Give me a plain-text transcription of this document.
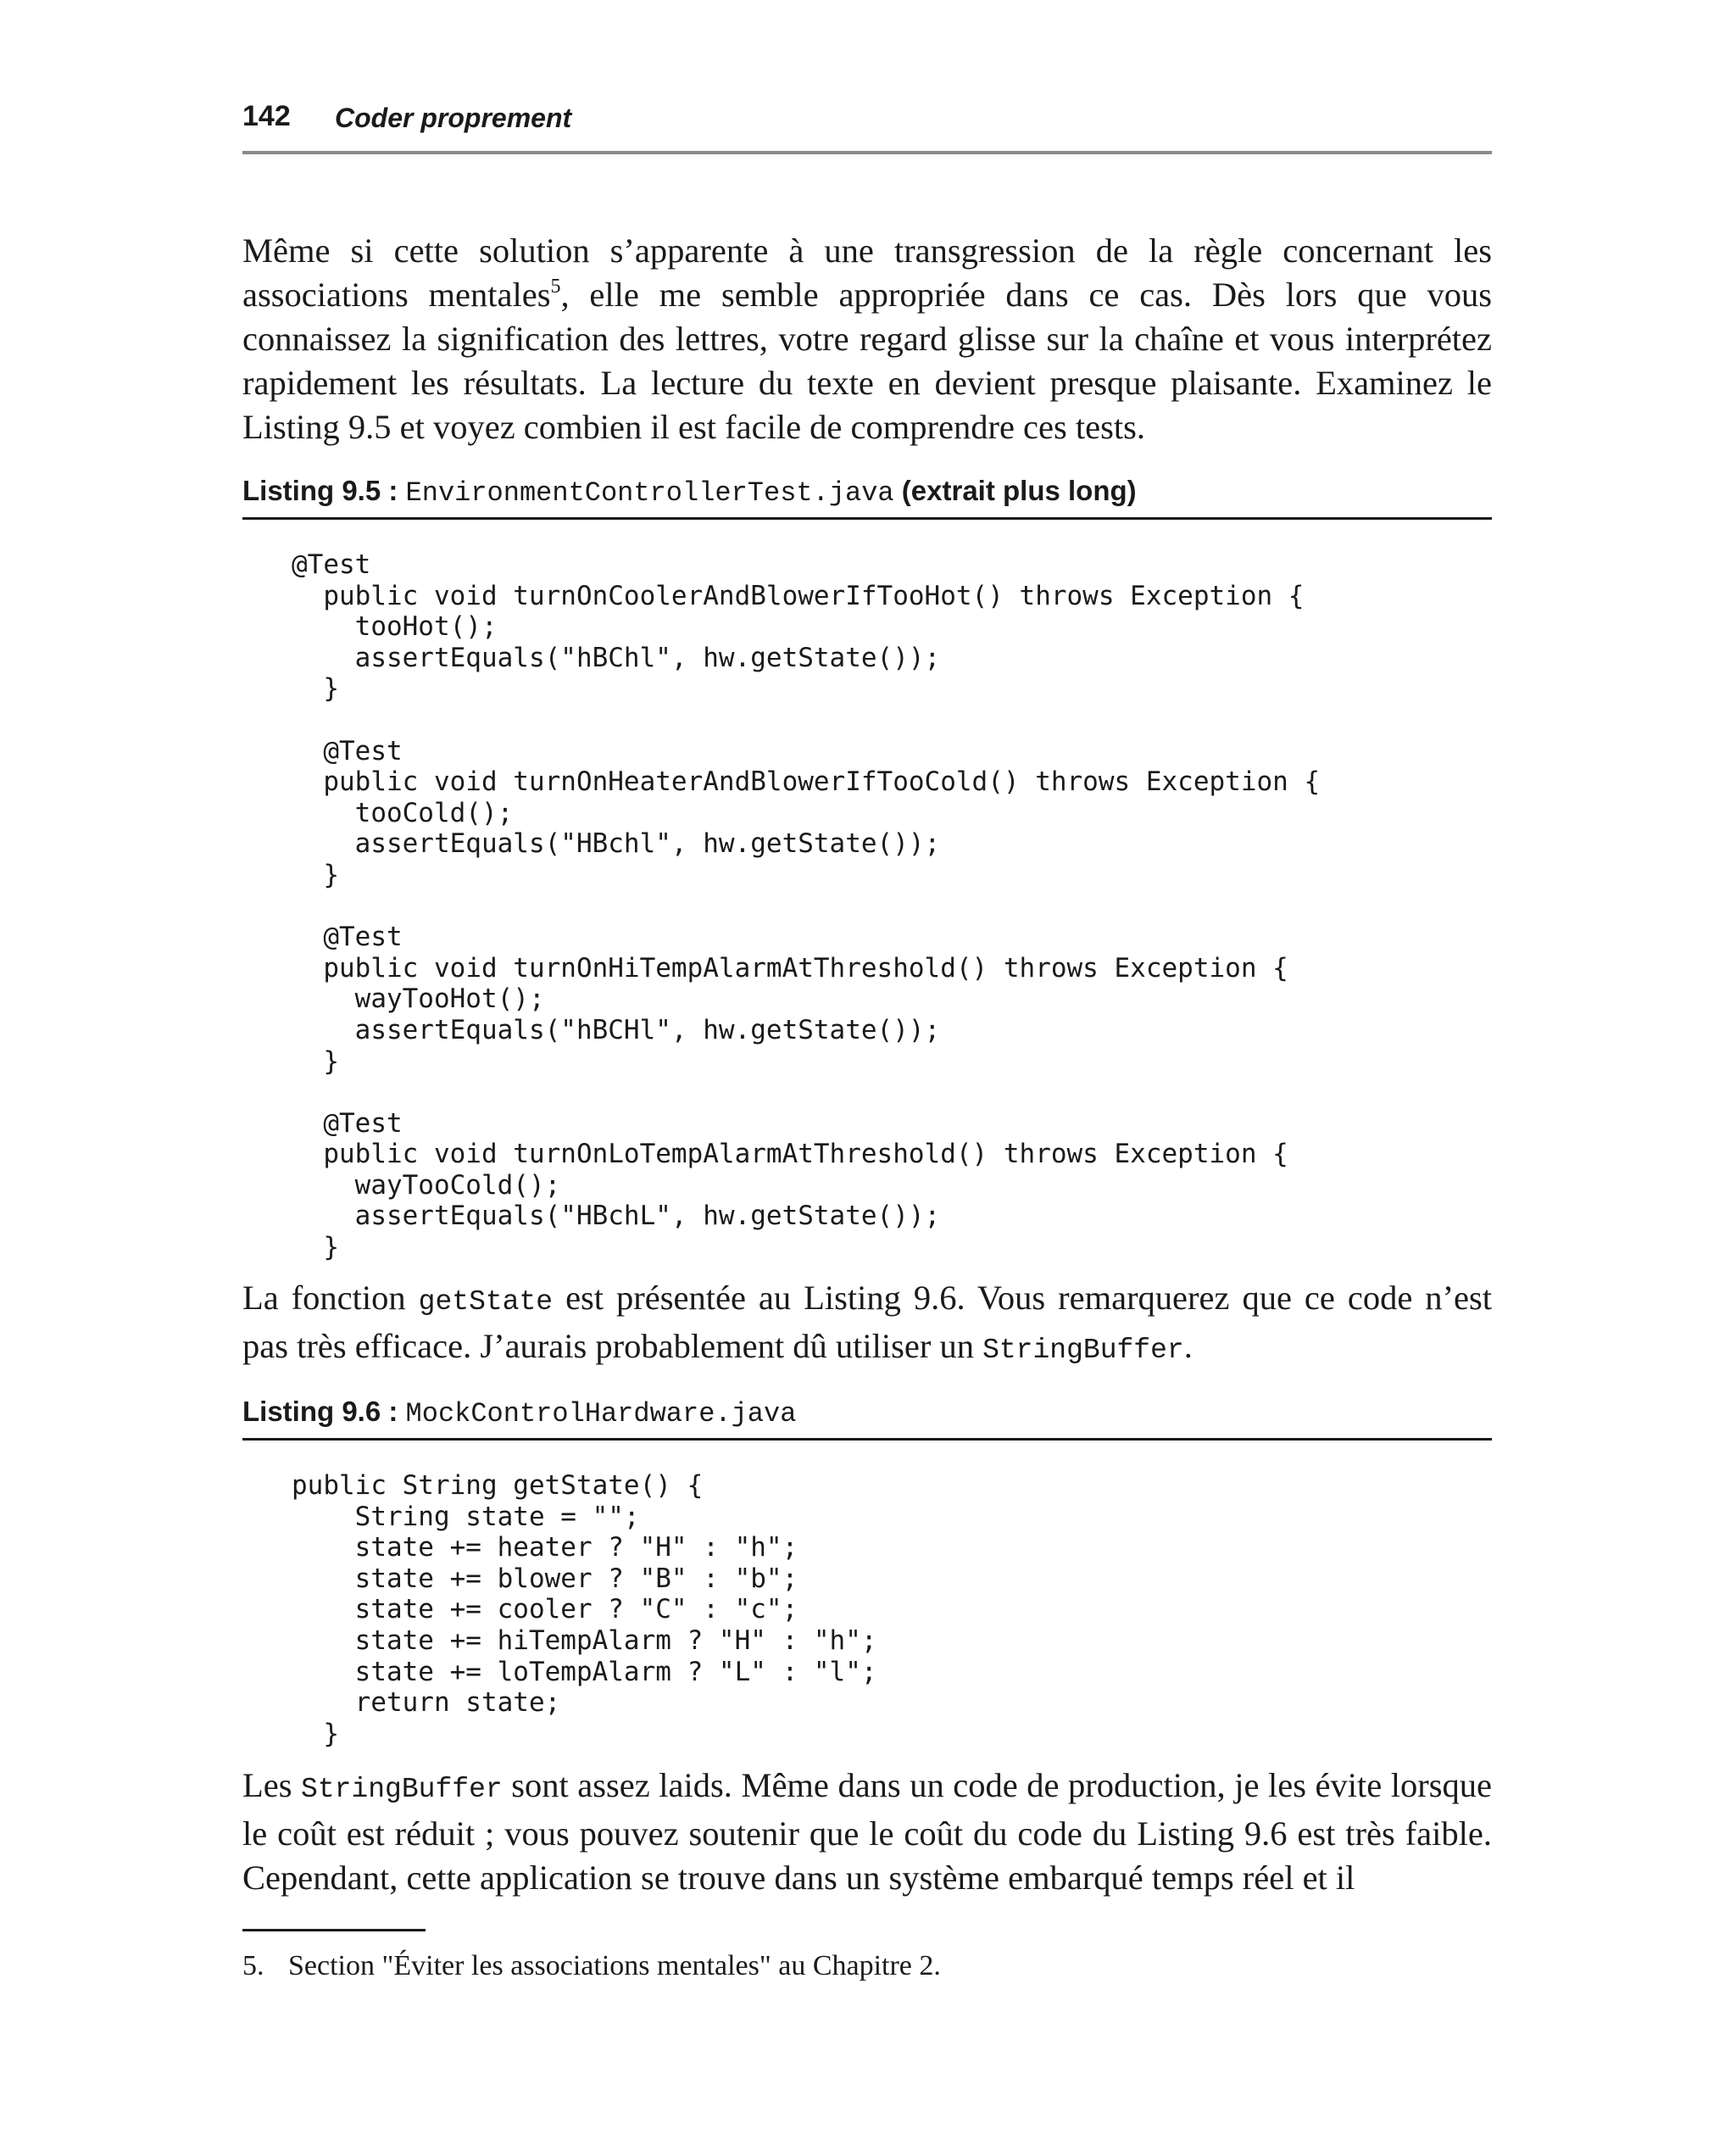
142 Coder proprement

Même si cette solution s’apparente à une transgression de la règle concernant les associations mentales$^5$, elle me semble appropriée dans ce cas. Dès lors que vous connaissez la signification des lettres, votre regard glisse sur la chaîne et vous interprétez rapidement les résultats. La lecture du texte en devient presque plaisante. Examinez le Listing 9.5 et voyez combien il est facile de comprendre ces tests.

Listing 9.5 : EnvironmentControllerTest.java (extrait plus long)
@Test
public void turnOnCoolerAndBlowerIfTooHot() throws Exception {
tooHot();
assertEquals("hBChl", hw.getState());
}

@Test
public void turnOnHeaterAndBlowerIfTooCold() throws Exception {
tooCold();
assertEquals("HBchl", hw.getState());
}

@Test
public void turnOnHiTempAlarmAtThreshold() throws Exception {
wayTooHot();
assertEquals("hBCHl", hw.getState());
}

@Test
public void turnOnLoTempAlarmAtThreshold() throws Exception {
wayTooCold();
assertEquals("HBchL", hw.getState());
}

La fonction getState est présentée au Listing 9.6. Vous remarquerez que ce code n’est pas très efficace. J’aurais probablement dû utiliser un StringBuffer.

Listing 9.6 : MockControlHardware.java
public String getState() {
String state = "";
state += heater ? "H" : "h";
state += blower ? "B" : "b";
state += cooler ? "C" : "c";
state += hiTempAlarm ? "H" : "h";
state += loTempAlarm ? "L" : "l";
return state;
}

Les StringBuffer sont assez laids. Même dans un code de production, je les évite lorsque le coût est réduit ; vous pouvez soutenir que le coût du code du Listing 9.6 est très faible. Cependant, cette application se trouve dans un système embarqué temps réel et il

5. Section "Éviter les associations mentales" au Chapitre 2.
